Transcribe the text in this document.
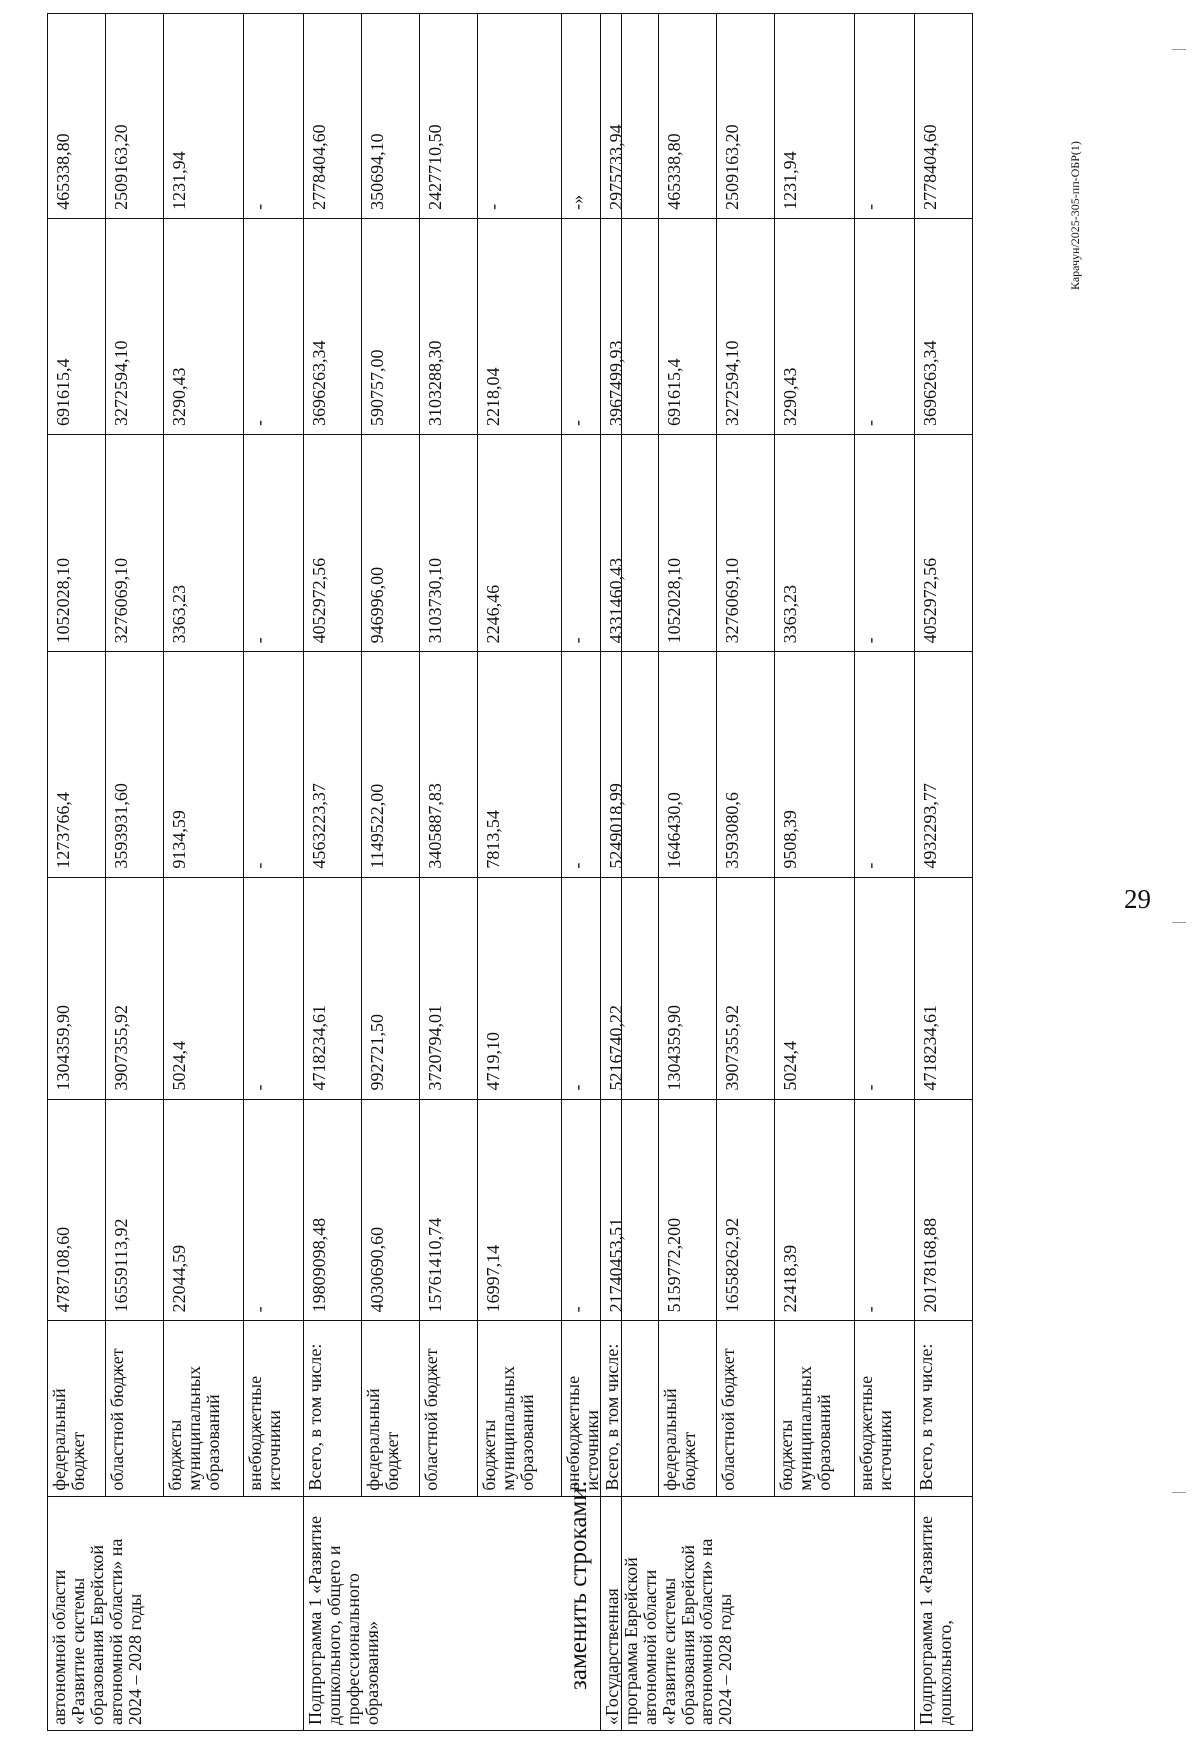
29
автономной области «Развитие системы образования Еврейской автономной области» на 2024 – 2028 годы	федеральный бюджет	4787108,60	1304359,90	1273766,4	1052028,10	691615,4	465338,80
	областной бюджет	16559113,92	3907355,92	3593931,60	3276069,10	3272594,10	2509163,20
	бюджеты муниципальных образований	22044,59	5024,4	9134,59	3363,23	3290,43	1231,94
	внебюджетные источники	-	-	-	-	-	-
Подпрограмма 1 «Развитие дошкольного, общего и профессионального образования»	Всего, в том числе:	19809098,48	4718234,61	4563223,37	4052972,56	3696263,34	2778404,60
	федеральный бюджет	4030690,60	992721,50	1149522,00	946996,00	590757,00	350694,10
	областной бюджет	15761410,74	3720794,01	3405887,83	3103730,10	3103288,30	2427710,50
	бюджеты муниципальных образований	16997,14	4719,10	7813,54	2246,46	2218,04	-
	внебюджетные источники	-	-	-	-	-	-»
заменить строками: «Государственная программа Еврейской автономной области «Развитие системы образования Еврейской автономной области» на 2024 – 2028 годы	Всего, в том числе:	21740453,51	5216740,22	5249018,99	4331460,43	3967499,93	2975733,94
	федеральный бюджет	5159772,200	1304359,90	1646430,0	1052028,10	691615,4	465338,80
	областной бюджет	16558262,92	3907355,92	3593080,6	3276069,10	3272594,10	2509163,20
	бюджеты муниципальных образований	22418,39	5024,4	9508,39	3363,23	3290,43	1231,94
	внебюджетные источники	-	-	-	-	-	-
Подпрограмма 1 «Развитие дошкольного,	Всего, в том числе:	20178168,88	4718234,61	4932293,77	4052972,56	3696263,34	2778404,60	Карачун/2025-305-пп-ОБР(1)
